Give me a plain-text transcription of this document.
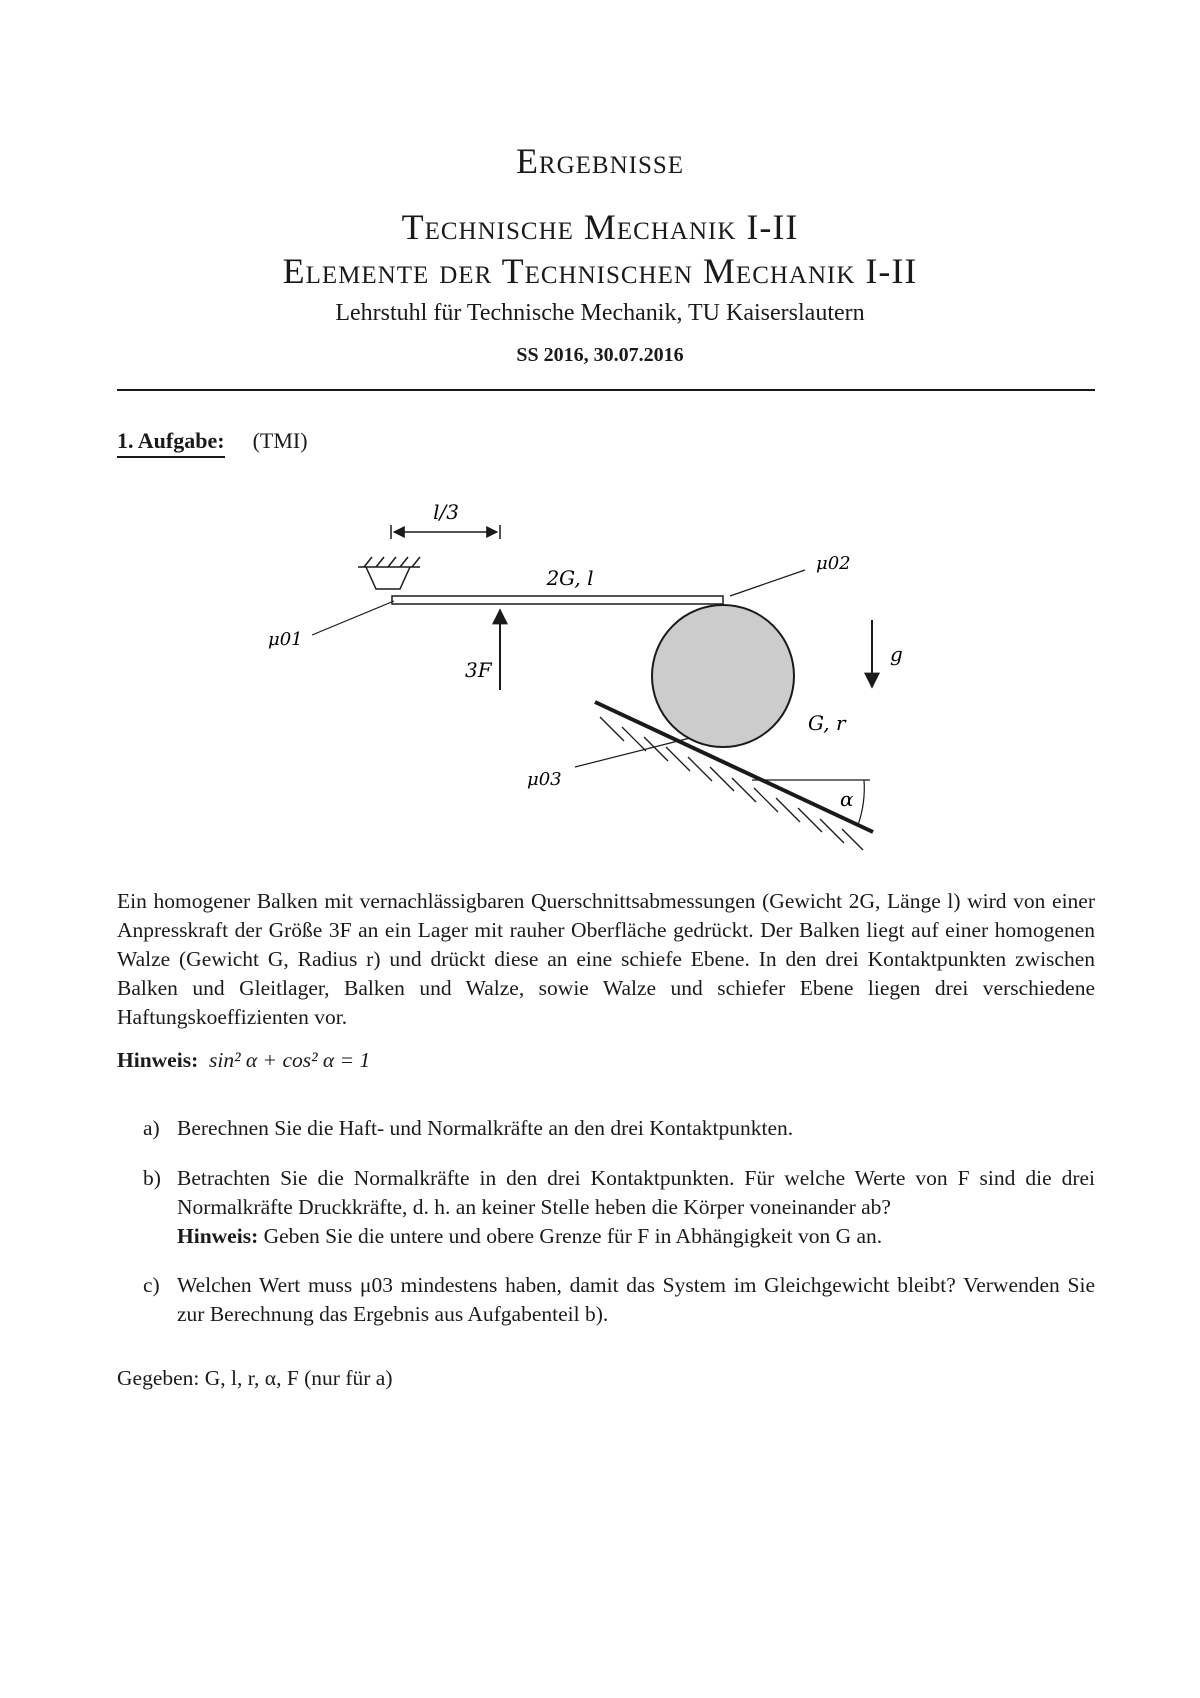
Ergebnisse
Technische Mechanik I-II
Elemente der Technischen Mechanik I-II
Lehrstuhl für Technische Mechanik, TU Kaiserslautern
SS 2016, 30.07.2016
1. Aufgabe: (TMI)
l/3
2G, l
G, r
3F
g
α
μ01
μ02
μ03
Ein homogener Balken mit vernachlässigbaren Querschnittsabmessungen (Gewicht 2G, Länge l) wird von einer Anpresskraft der Größe 3F an ein Lager mit rauher Oberfläche gedrückt. Der Balken liegt auf einer homogenen Walze (Gewicht G, Radius r) und drückt diese an eine schiefe Ebene. In den drei Kontaktpunkten zwischen Balken und Gleitlager, Balken und Walze, sowie Walze und schiefer Ebene liegen drei verschiedene Haftungskoeffizienten vor.
Hinweis: sin² α + cos² α = 1
a) Berechnen Sie die Haft- und Normalkräfte an den drei Kontaktpunkten.
b) Betrachten Sie die Normalkräfte in den drei Kontaktpunkten. Für welche Werte von F sind die drei Normalkräfte Druckkräfte, d. h. an keiner Stelle heben die Körper voneinander ab?
Hinweis: Geben Sie die untere und obere Grenze für F in Abhängigkeit von G an.
c) Welchen Wert muss μ03 mindestens haben, damit das System im Gleichgewicht bleibt? Verwenden Sie zur Berechnung das Ergebnis aus Aufgabenteil b).
Gegeben: G, l, r, α, F (nur für a)
